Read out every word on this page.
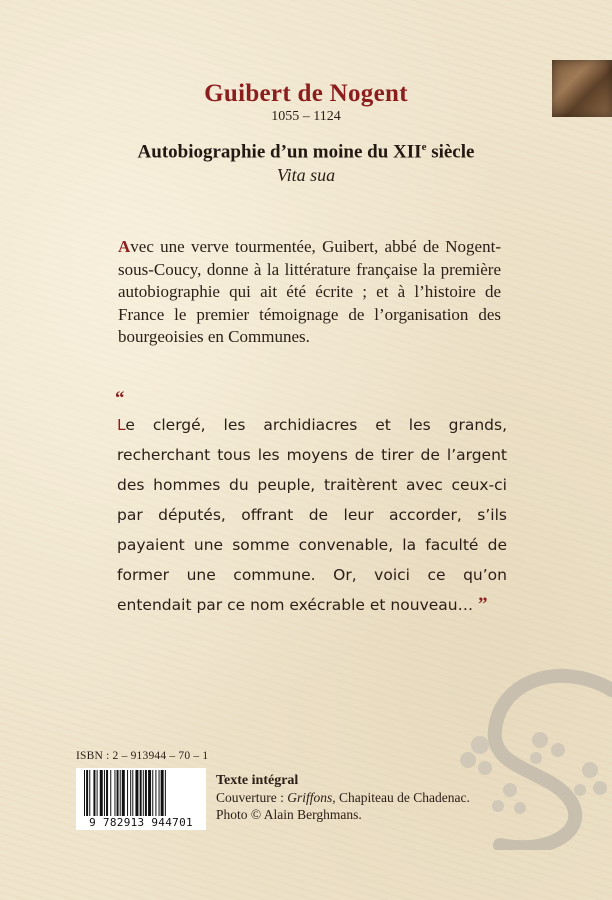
Guibert de Nogent
1055 – 1124
Autobiographie d’un moine du XIIe siècle
Vita sua
Avec une verve tourmentée, Guibert, abbé de Nogent-sous-Coucy, donne à la littérature française la première autobiographie qui ait été écrite ; et à l’histoire de France le premier témoignage de l’organisation des bourgeoisies en Communes.
“
Le clergé, les archidiacres et les grands, recherchant tous les moyens de tirer de l’argent des hommes du peuple, traitèrent avec ceux-ci par députés, offrant de leur accorder, s’ils payaient une somme convenable, la faculté de former une commune. Or, voici ce qu’on entendait par ce nom exécrable et nouveau… ”
ISBN : 2 – 913944 – 70 – 1
9 782913 944701
Texte intégral
Couverture : Griffons, Chapiteau de Chadenac.
Photo © Alain Berghmans.
